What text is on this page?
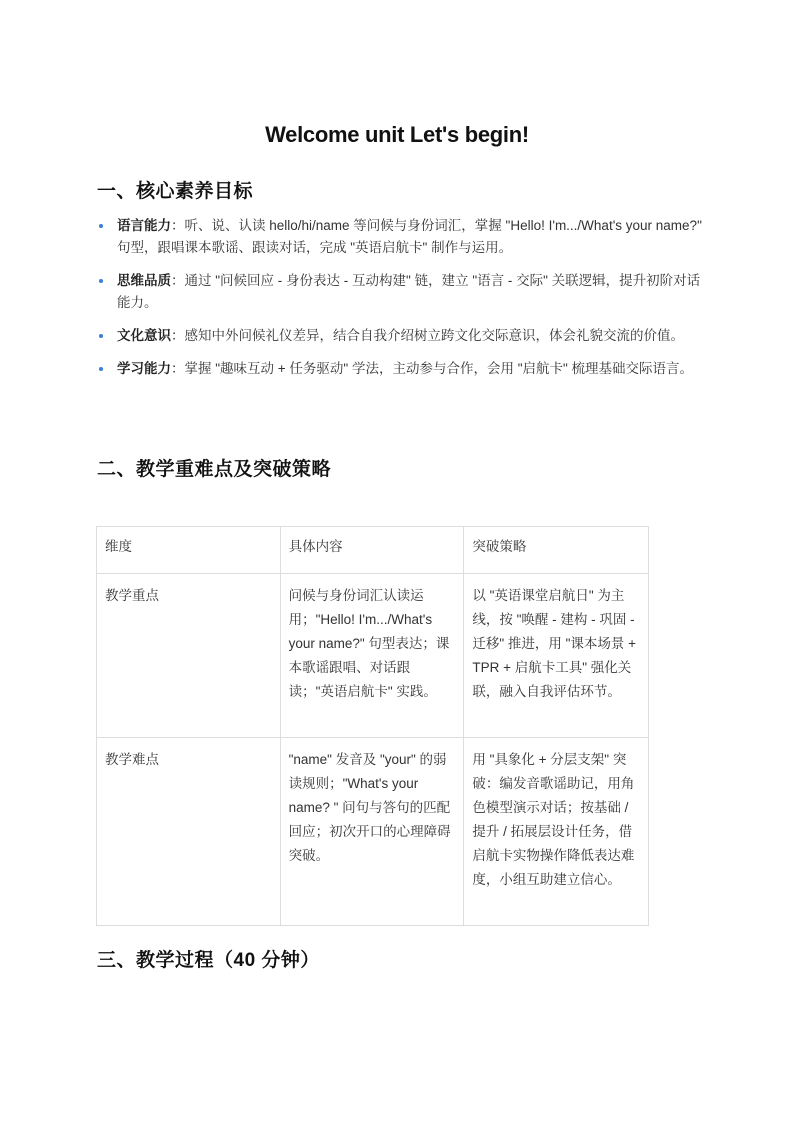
Welcome unit Let's begin!
一、核心素养目标
语言能力：听、说、认读 hello/hi/name 等问候与身份词汇，掌握 "Hello! I'm.../What's your name?" 句型，跟唱课本歌谣、跟读对话，完成 "英语启航卡" 制作与运用。
思维品质：通过 "问候回应 - 身份表达 - 互动构建" 链，建立 "语言 - 交际" 关联逻辑，提升初阶对话能力。
文化意识：感知中外问候礼仪差异，结合自我介绍树立跨文化交际意识，体会礼貌交流的价值。
学习能力：掌握 "趣味互动 + 任务驱动" 学法，主动参与合作，会用 "启航卡" 梳理基础交际语言。
二、教学重难点及突破策略
维度	具体内容	突破策略
教学重点	问候与身份词汇认读运用；"Hello! I'm.../What's your name?" 句型表达；课本歌谣跟唱、对话跟读；"英语启航卡" 实践。	以 "英语课堂启航日" 为主线，按 "唤醒 - 建构 - 巩固 - 迁移" 推进，用 "课本场景 + TPR + 启航卡工具" 强化关联，融入自我评估环节。
教学难点	"name" 发音及 "your" 的弱读规则；"What's your name? " 问句与答句的匹配回应；初次开口的心理障碍突破。	用 "具象化 + 分层支架" 突破：编发音歌谣助记，用角色模型演示对话；按基础 / 提升 / 拓展层设计任务，借启航卡实物操作降低表达难度，小组互助建立信心。
三、教学过程（40 分钟）
